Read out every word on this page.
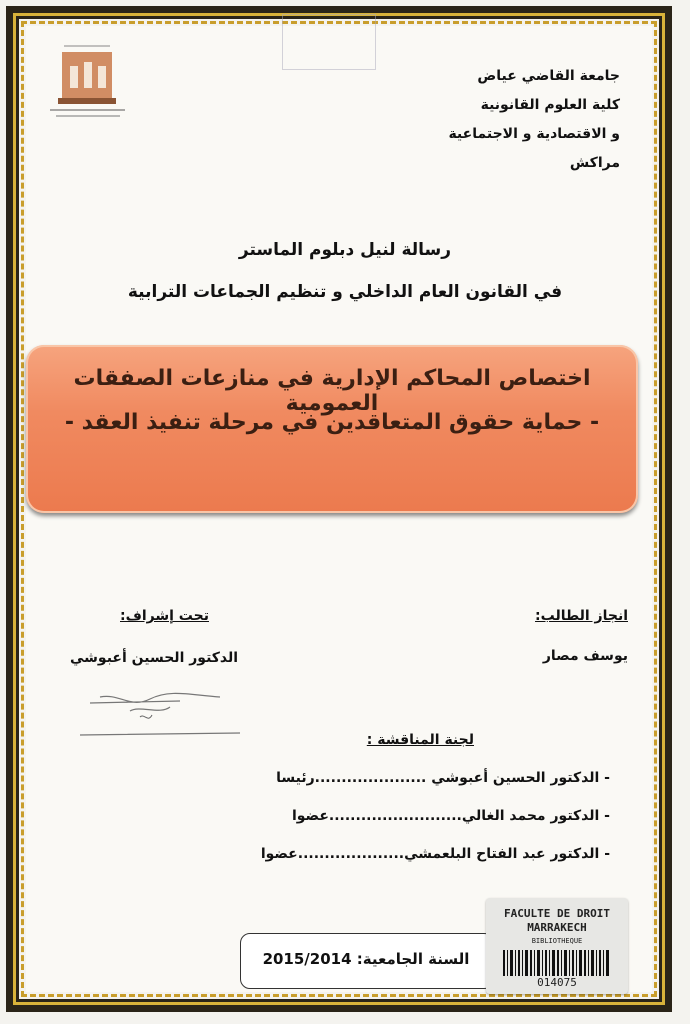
جامعة القاضي عياض
كلية العلوم القانونية
و الاقتصادية و الاجتماعية
مراكش
رسالة لنيل دبلوم الماستر
في القانون العام الداخلي و تنظيم الجماعات الترابية
اختصاص المحاكم الإدارية في منازعات الصفقات العمومية
- حماية حقوق المتعاقدين في مرحلة تنفيذ العقد -
انجاز الطالب:
يوسف مصار
تحت إشراف:
الدكتور الحسين أعبوشي
لجنة المناقشة :
- الدكتور الحسين أعبوشي .....................رئيسا
- الدكتور محمد الغالي.........................عضوا
- الدكتور عبد الفتاح البلعمشي....................عضوا
السنة الجامعية: 2015/2014
FACULTE DE DROIT
MARRAKECH
BIBLIOTHEQUE
014075
